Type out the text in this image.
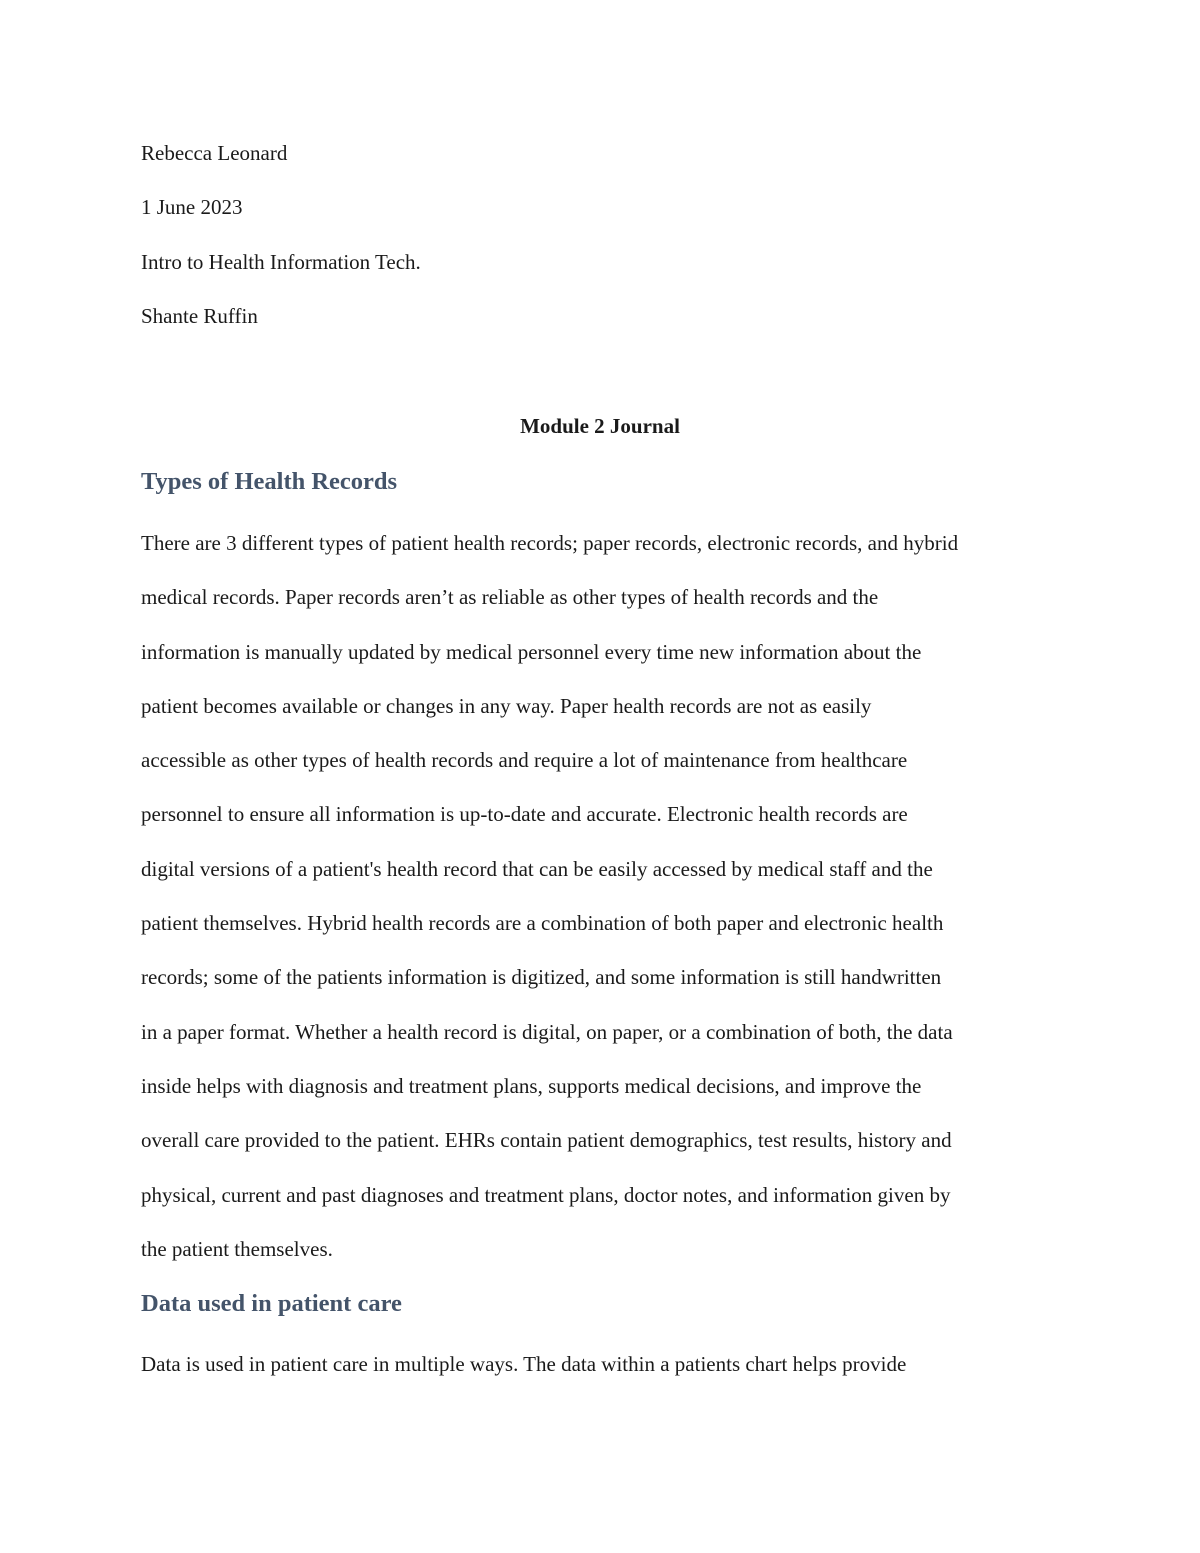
Rebecca Leonard
1 June 2023
Intro to Health Information Tech.
Shante Ruffin
Module 2 Journal
Types of Health Records
There are 3 different types of patient health records; paper records, electronic records, and hybrid
medical records. Paper records aren’t as reliable as other types of health records and the
information is manually updated by medical personnel every time new information about the
patient becomes available or changes in any way. Paper health records are not as easily
accessible as other types of health records and require a lot of maintenance from healthcare
personnel to ensure all information is up-to-date and accurate. Electronic health records are
digital versions of a patient's health record that can be easily accessed by medical staff and the
patient themselves. Hybrid health records are a combination of both paper and electronic health
records; some of the patients information is digitized, and some information is still handwritten
in a paper format. Whether a health record is digital, on paper, or a combination of both, the data
inside helps with diagnosis and treatment plans, supports medical decisions, and improve the
overall care provided to the patient. EHRs contain patient demographics, test results, history and
physical, current and past diagnoses and treatment plans, doctor notes, and information given by
the patient themselves.
Data used in patient care
Data is used in patient care in multiple ways. The data within a patients chart helps provide
